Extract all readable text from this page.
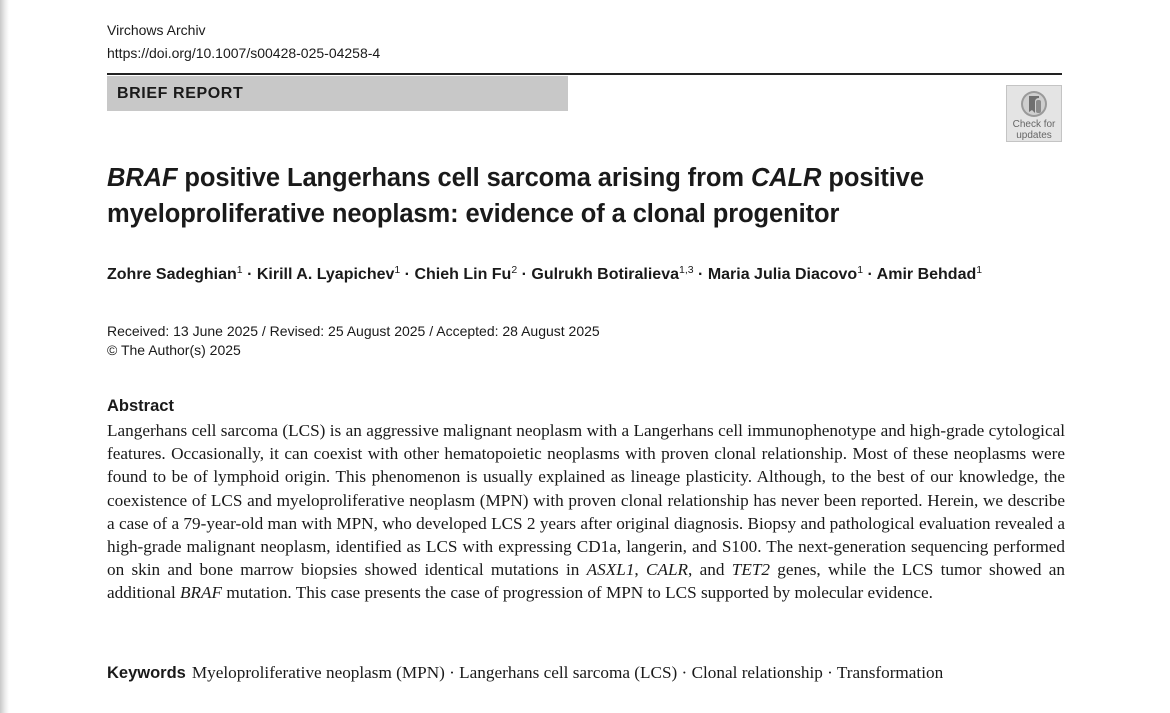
Virchows Archiv
https://doi.org/10.1007/s00428-025-04258-4
BRIEF REPORT
Check for
updates
BRAF positive Langerhans cell sarcoma arising from CALR positive myeloproliferative neoplasm: evidence of a clonal progenitor
Zohre Sadeghian$^1$ · Kirill A. Lyapichev$^1$ · Chieh Lin $Fu^2$ · Gulrukh Botiralieva$^{1,3}$ · Maria Julia Diacovo$^1$ · Amir Behdad$^1$
Received: 13 June 2025 / Revised: 25 August 2025 / Accepted: 28 August 2025
© The Author(s) 2025
Abstract

Langerhans cell sarcoma (LCS) is an aggressive malignant neoplasm with a Langerhans cell immunophenotype and high-grade cytological features. Occasionally, it can coexist with other hematopoietic neoplasms with proven clonal relationship. Most of these neoplasms were found to be of lymphoid origin. This phenomenon is usually explained as lineage plasticity. Although, to the best of our knowledge, the coexistence of LCS and myeloproliferative neoplasm (MPN) with proven clonal relationship has never been reported. Herein, we describe a case of a 79-year-old man with MPN, who developed LCS 2 years after original diagnosis. Biopsy and pathological evaluation revealed a high-grade malignant neoplasm, identified as LCS with expressing CD1a, langerin, and S100. The next-generation sequencing performed on skin and bone marrow biopsies showed identical mutations in ASXL1, CALR, and TET2 genes, while the LCS tumor showed an additional BRAF mutation. This case presents the case of progression of MPN to LCS supported by molecular evidence.

Keywords Myeloproliferative neoplasm (MPN) · Langerhans cell sarcoma (LCS) · Clonal relationship · Transformation
